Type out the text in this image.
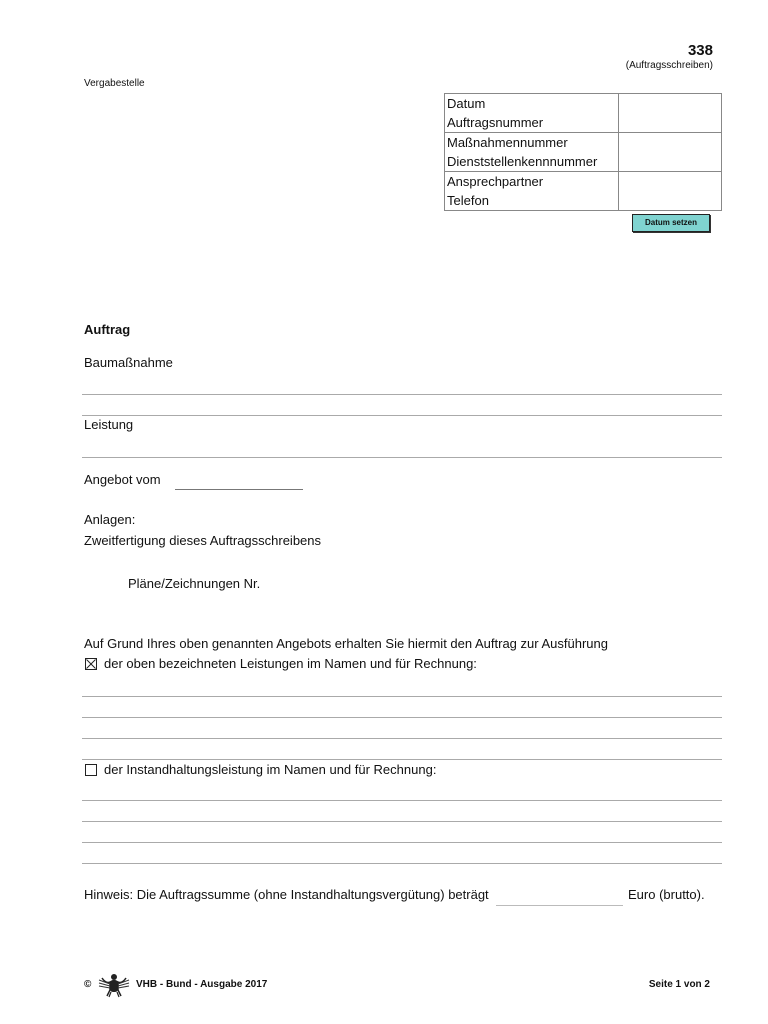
338
(Auftragsschreiben)
Vergabestelle
Datum
Auftragsnummer	

Maßnahmennummer
Dienststellenkennnummer	

Ansprechpartner
Telefon	

Datum setzen
Auftrag
Baumaßnahme
Leistung
Angebot vom
Anlagen:
Zweitfertigung dieses Auftragsschreibens
Pläne/Zeichnungen Nr.
Auf Grund Ihres oben genannten Angebots erhalten Sie hiermit den Auftrag zur Ausführung
der oben bezeichneten Leistungen im Namen und für Rechnung:
der Instandhaltungsleistung im Namen und für Rechnung:
Hinweis: Die Auftragssumme (ohne Instandhaltungsvergütung) beträgt	Euro (brutto).
©	VHB - Bund - Ausgabe 2017	Seite 1 von 2
